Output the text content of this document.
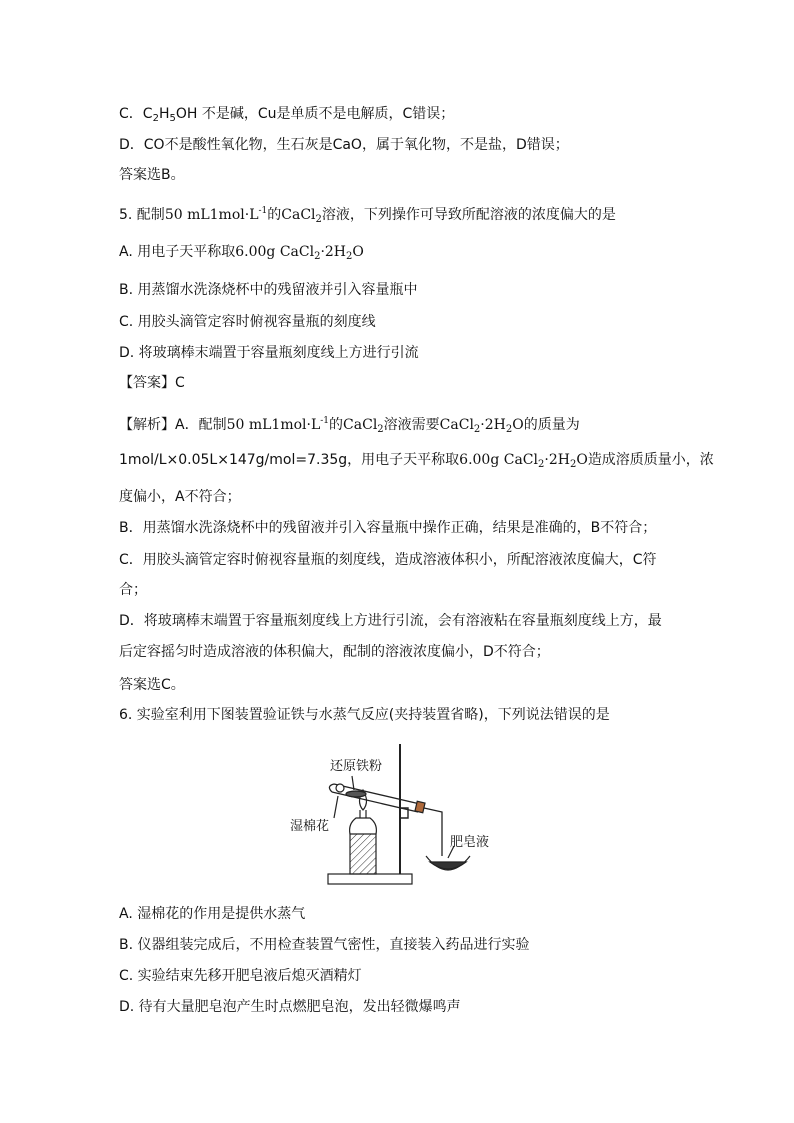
C．$C_2H_5OH$ 不是碱，Cu是单质不是电解质，C错误；
D．CO不是酸性氧化物，生石灰是CaO，属于氧化物，不是盐，D错误；
答案选B。
5. 配制50 $mL1mol\cdot L^{-1}$的CaCl$_2$溶液，下列操作可导致所配溶液的浓度偏大的是
A. 用电子天平称取6.00g $CaCl_2\cdot 2H_2O$
B. 用蒸馏水洗涤烧杯中的残留液并引入容量瓶中
C. 用胶头滴管定容时俯视容量瓶的刻度线
D. 将玻璃棒末端置于容量瓶刻度线上方进行引流
【答案】C
【解析】A．配制50 $mL1mol\cdot L^{-1}$的CaCl$_2$溶液需要$CaCl_2\cdot 2H_2O$的质量为
1mol/L×0.05L×147g/mol=7.35g，用电子天平称取6.00g $CaCl_2\cdot 2H_2O$造成溶质质量小，浓
度偏小，A不符合；
B．用蒸馏水洗涤烧杯中的残留液并引入容量瓶中操作正确，结果是准确的，B不符合；
C．用胶头滴管定容时俯视容量瓶的刻度线，造成溶液体积小，所配溶液浓度偏大，C符
合；
D．将玻璃棒末端置于容量瓶刻度线上方进行引流，会有溶液粘在容量瓶刻度线上方，最
后定容摇匀时造成溶液的体积偏大，配制的溶液浓度偏小，D不符合；
答案选C。
6. 实验室利用下图装置验证铁与水蒸气反应(夹持装置省略)，下列说法错误的是
还原铁粉
湿棉花
肥皂液
A. 湿棉花的作用是提供水蒸气
B. 仪器组装完成后，不用检查装置气密性，直接装入药品进行实验
C. 实验结束先移开肥皂液后熄灭酒精灯
D. 待有大量肥皂泡产生时点燃肥皂泡，发出轻微爆鸣声
